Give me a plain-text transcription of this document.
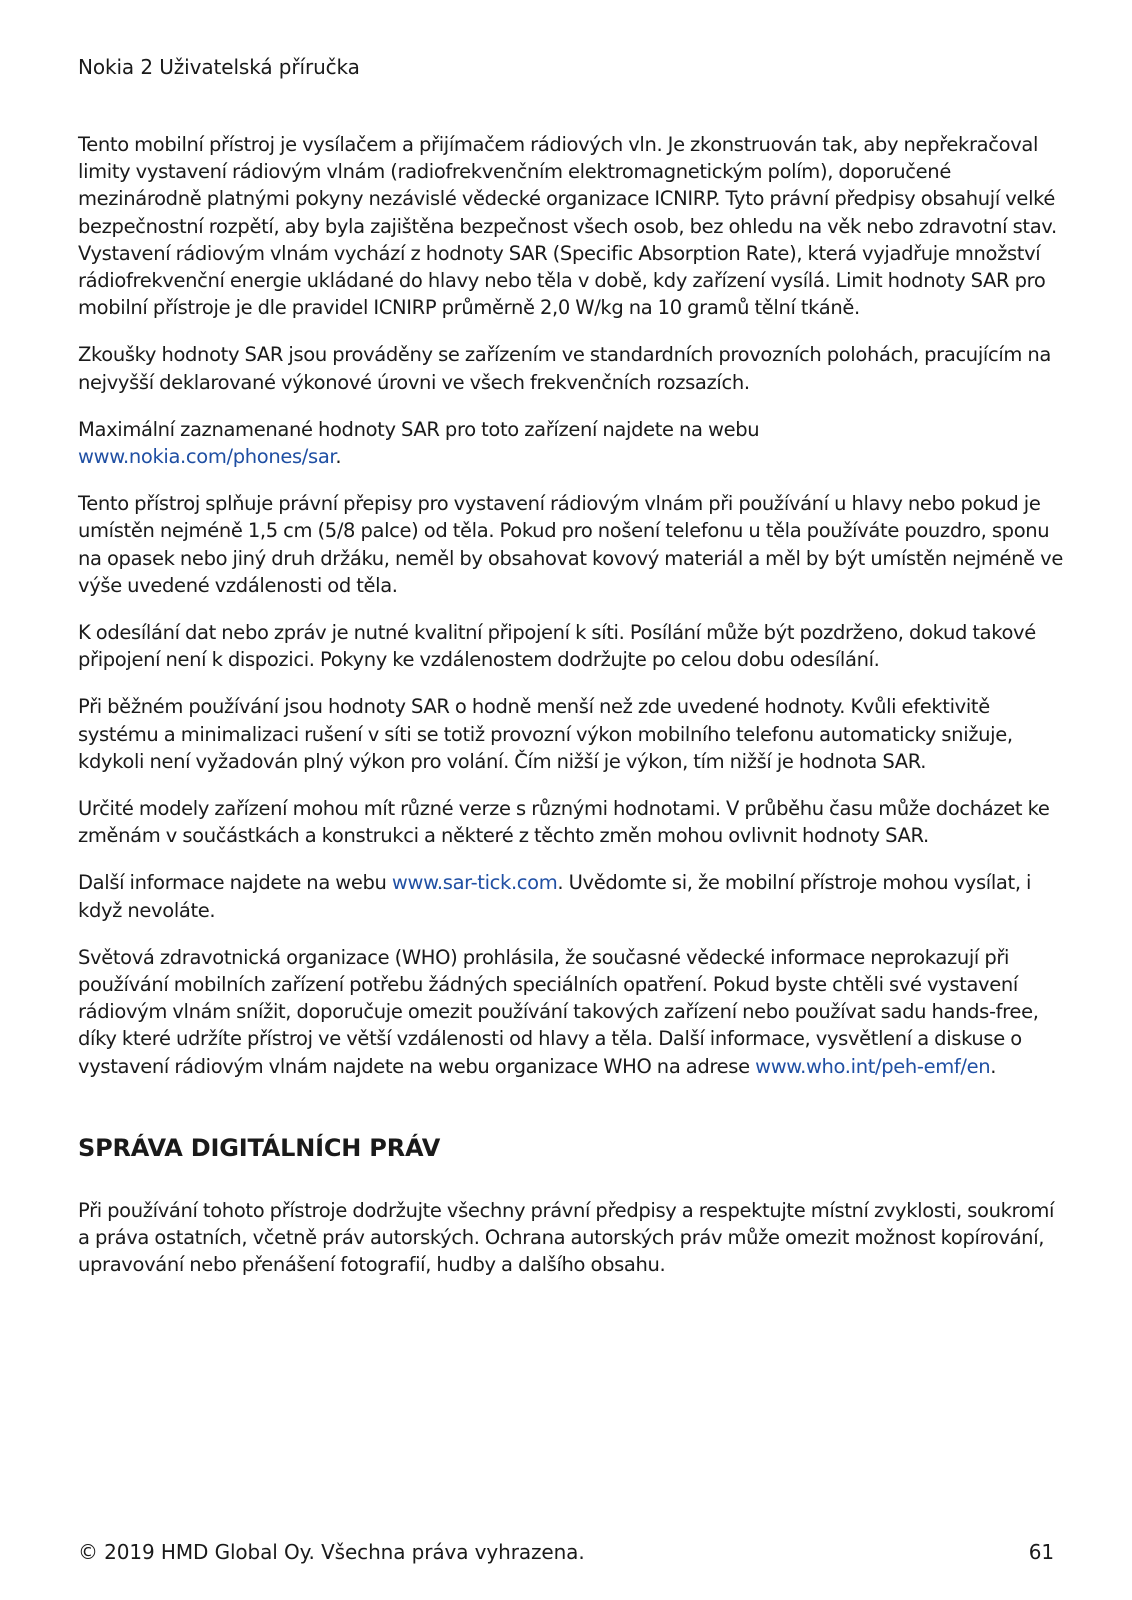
Nokia 2 Uživatelská příručka

Tento mobilní přístroj je vysílačem a přijímačem rádiových vln. Je zkonstruován tak, aby nepřekračoval limity vystavení rádiovým vlnám (radiofrekvenčním elektromagnetickým polím), doporučené mezinárodně platnými pokyny nezávislé vědecké organizace ICNIRP. Tyto právní předpisy obsahují velké bezpečnostní rozpětí, aby byla zajištěna bezpečnost všech osob, bez ohledu na věk nebo zdravotní stav. Vystavení rádiovým vlnám vychází z hodnoty SAR (Specific Absorption Rate), která vyjadřuje množství rádiofrekvenční energie ukládané do hlavy nebo těla v době, kdy zařízení vysílá. Limit hodnoty SAR pro mobilní přístroje je dle pravidel ICNIRP průměrně 2,0 W/kg na 10 gramů tělní tkáně.

Zkoušky hodnoty SAR jsou prováděny se zařízením ve standardních provozních polohách, pracujícím na nejvyšší deklarované výkonové úrovni ve všech frekvenčních rozsazích.

Maximální zaznamenané hodnoty SAR pro toto zařízení najdete na webu
www.nokia.com/phones/sar.

Tento přístroj splňuje právní přepisy pro vystavení rádiovým vlnám při používání u hlavy nebo pokud je umístěn nejméně 1,5 cm (5/8 palce) od těla. Pokud pro nošení telefonu u těla používáte pouzdro, sponu na opasek nebo jiný druh držáku, neměl by obsahovat kovový materiál a měl by být umístěn nejméně ve výše uvedené vzdálenosti od těla.

K odesílání dat nebo zpráv je nutné kvalitní připojení k síti. Posílání může být pozdrženo, dokud takové připojení není k dispozici. Pokyny ke vzdálenostem dodržujte po celou dobu odesílání.

Při běžném používání jsou hodnoty SAR o hodně menší než zde uvedené hodnoty. Kvůli efektivitě systému a minimalizaci rušení v síti se totiž provozní výkon mobilního telefonu automaticky snižuje, kdykoli není vyžadován plný výkon pro volání. Čím nižší je výkon, tím nižší je hodnota SAR.

Určité modely zařízení mohou mít různé verze s různými hodnotami. V průběhu času může docházet ke změnám v součástkách a konstrukci a některé z těchto změn mohou ovlivnit hodnoty SAR.

Další informace najdete na webu www.sar-tick.com. Uvědomte si, že mobilní přístroje mohou vysílat, i když nevoláte.

Světová zdravotnická organizace (WHO) prohlásila, že současné vědecké informace neprokazují při používání mobilních zařízení potřebu žádných speciálních opatření. Pokud byste chtěli své vystavení rádiovým vlnám snížit, doporučuje omezit používání takových zařízení nebo používat sadu hands-free, díky které udržíte přístroj ve větší vzdálenosti od hlavy a těla. Další informace, vysvětlení a diskuse o vystavení rádiovým vlnám najdete na webu organizace WHO na adrese www.who.int/peh-emf/en.

SPRÁVA DIGITÁLNÍCH PRÁV

Při používání tohoto přístroje dodržujte všechny právní předpisy a respektujte místní zvyklosti, soukromí a práva ostatních, včetně práv autorských. Ochrana autorských práv může omezit možnost kopírování, upravování nebo přenášení fotografií, hudby a dalšího obsahu.

© 2019 HMD Global Oy. Všechna práva vyhrazena.	61
